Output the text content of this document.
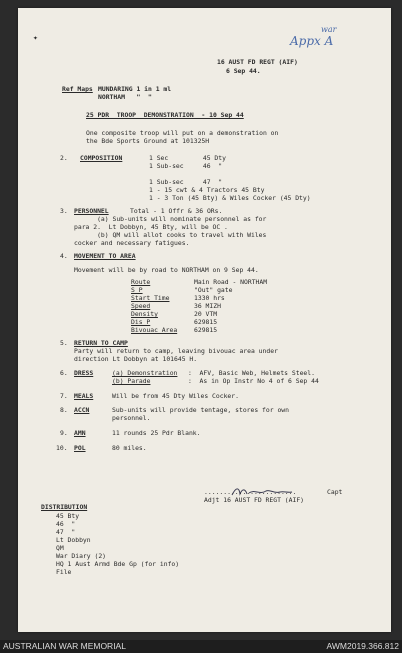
✦
war
Appx A
16 AUST FD REGT (AIF)
6 Sep 44.
Ref Maps MUNDARING 1 in 1 ml
NORTHAM   "  "
25 PDR  TROOP  DEMONSTRATION  - 10 Sep 44
One composite troop will put on a demonstration on
the Bde Sports Ground at 101325H
2. COMPOSITION	1 Sec         45 Dty
1 Sub-sec     46  "
1 Sub-sec     47  "
1 - 15 cwt & 4 Tractors 45 Bty
1 - 3 Ton (45 Bty) & Wiles Cocker (45 Dty)
3. PERSONNEL	Total - 1 Offr & 36 ORs.
(a) Sub-units will nominate personnel as for
para 2.  Lt Dobbyn, 45 Bty, will be OC .
(b) QM will allot cooks to travel with Wiles
cocker and necessary fatigues.
4. MOVEMENT TO AREA
Movement will be by road to NORTHAM on 9 Sep 44.
Route	Main Road - NORTHAM
S P	"Out" gate
Start Time	1330 hrs
Speed	36 MIZH
Density	20 VTM
Dis P	629815
Bivouac Area	629815
5. RETURN TO CAMP
Party will return to camp, leaving bivouac area under
direction Lt Dobbyn at 101645 H.
6. DRESS	(a) Demonstration :  AFV, Basic Web, Helmets Steel.
(b) Parade	:  As in Op Instr No 4 of 6 Sep 44
7. MEALS	Will be from 45 Dty Wiles Cocker.
8. ACCN	Sub-units will provide tentage, stores for own
personnel.
9. AMN	11 rounds 25 Pdr Blank.
10. POL	80 miles.
........................	Capt
Adjt 16 AUST FD REGT (AIF)
DISTRIBUTION
45 Bty
46  "
47  "
Lt Dobbyn
QM
War Diary (2)
HQ 1 Aust Armd Bde Gp (for info)
File
AUSTRALIAN WAR MEMORIAL	AWM2019.366.812
